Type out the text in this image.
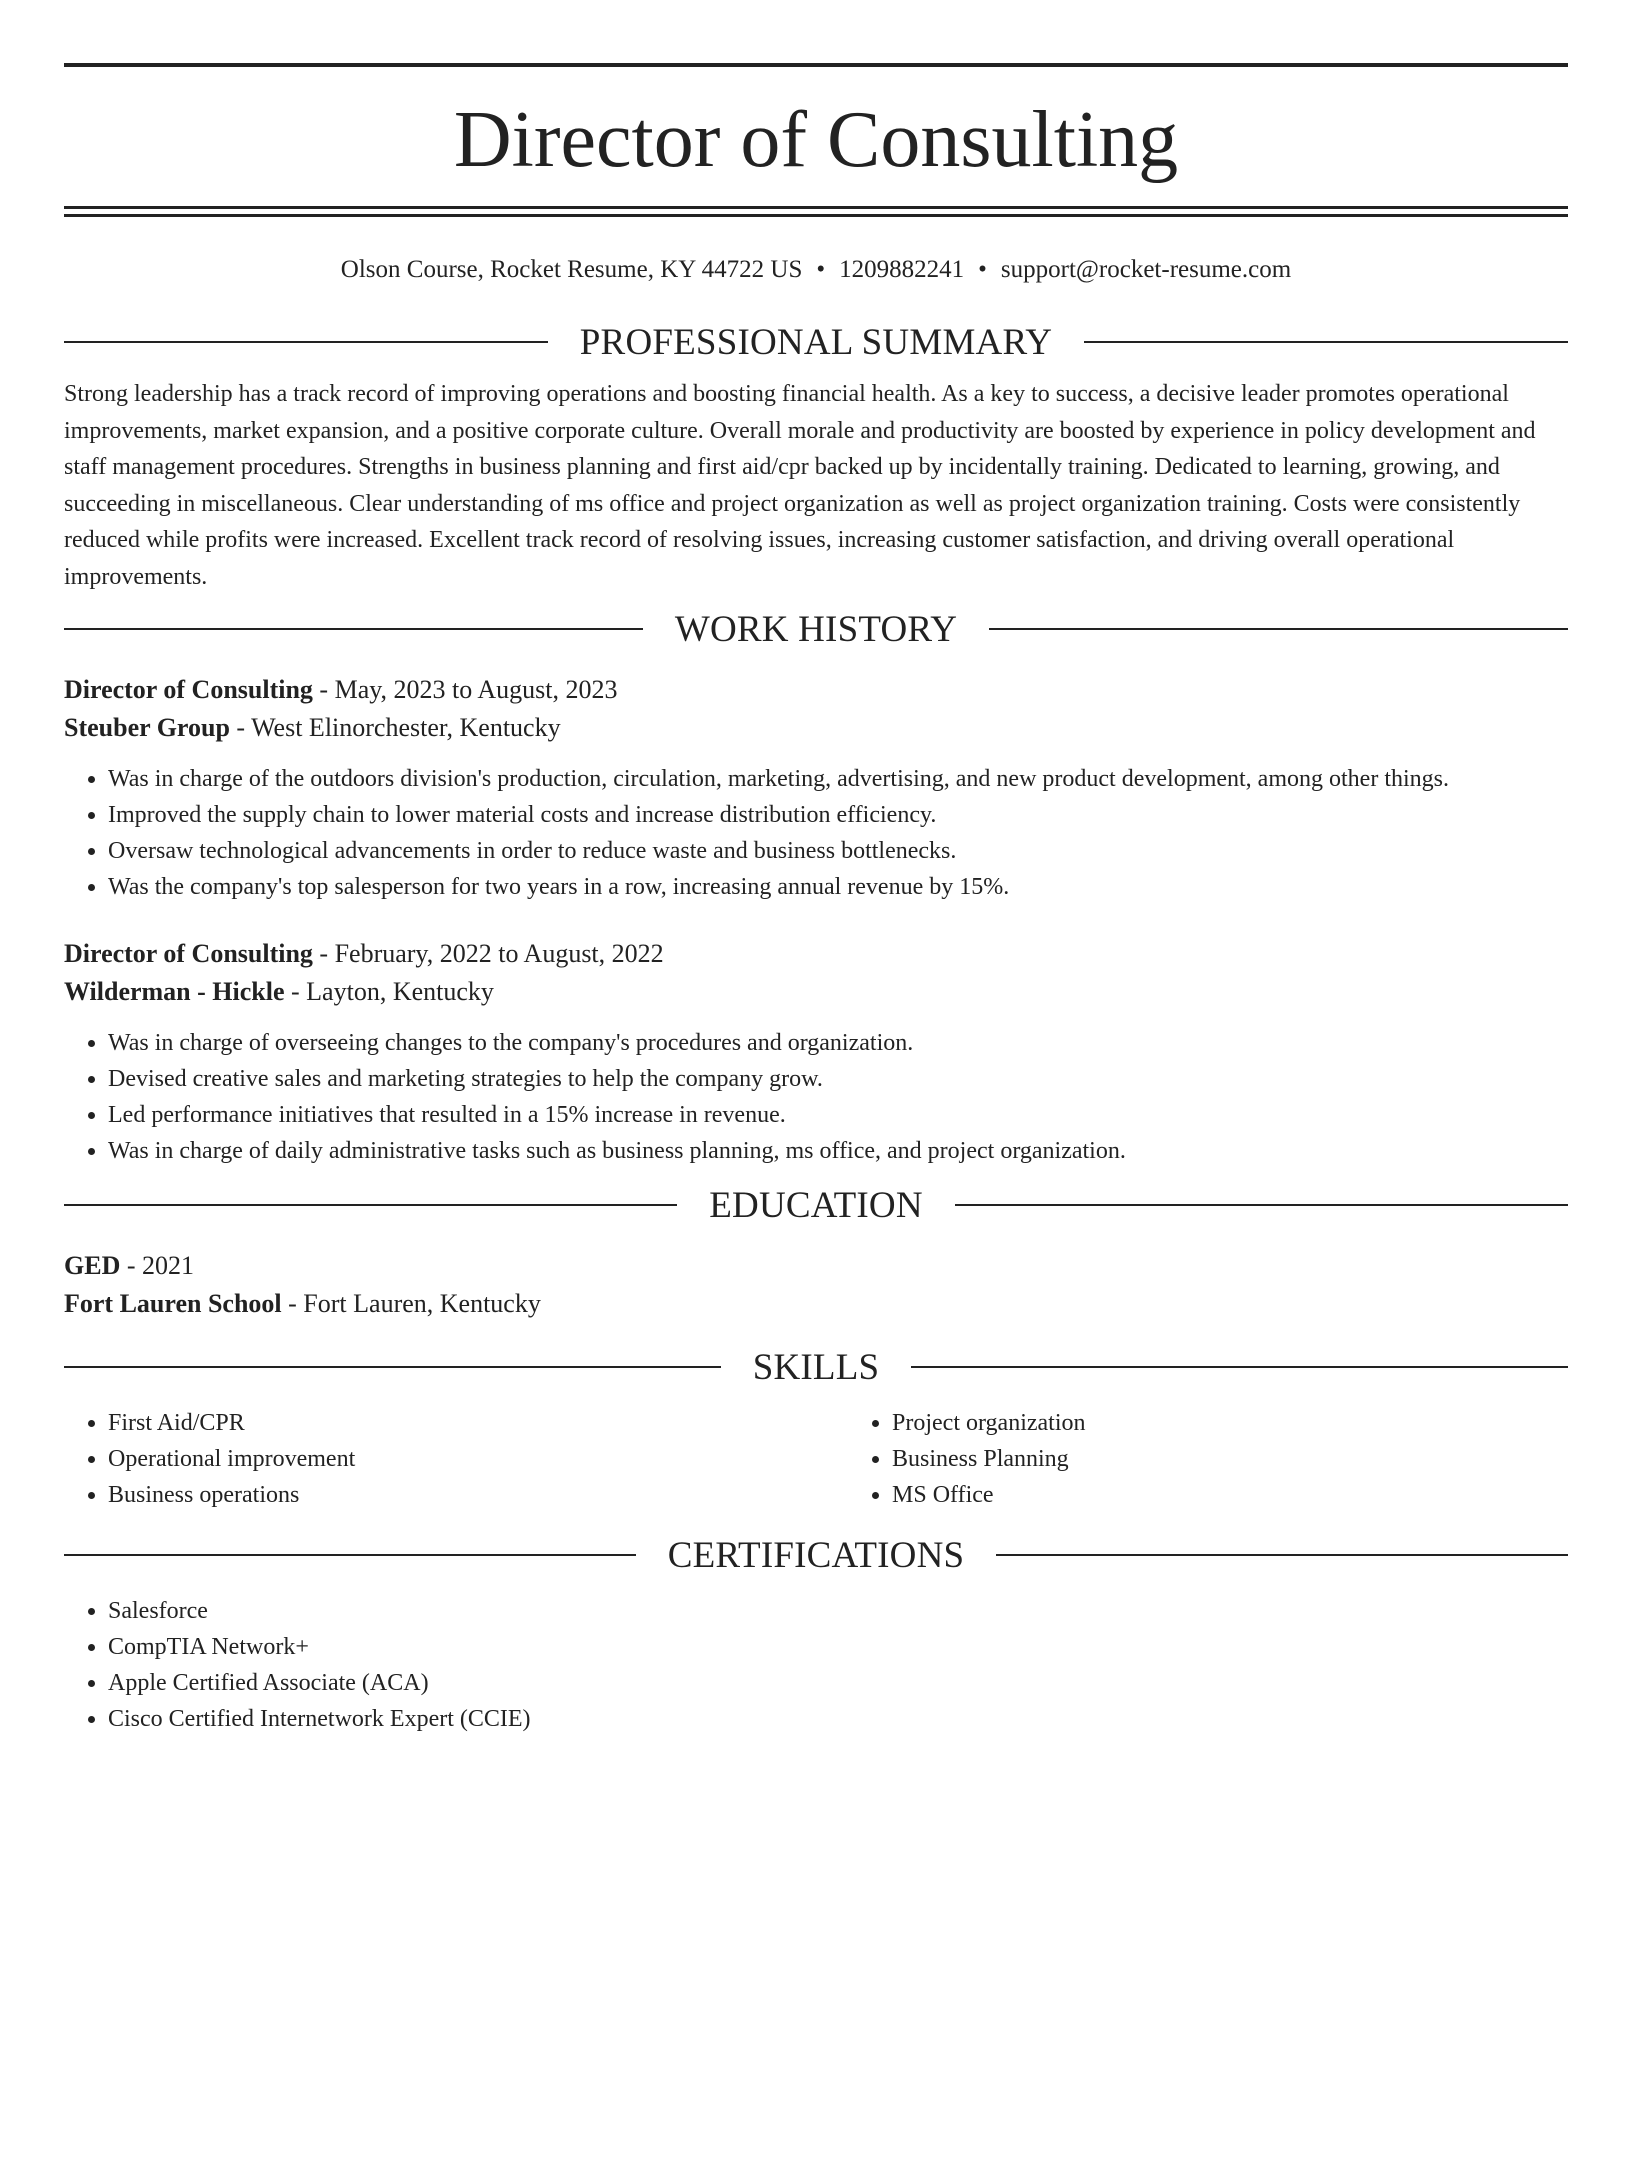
Director of Consulting
Olson Course, Rocket Resume, KY 44722 US • 1209882241 • support@rocket-resume.com
PROFESSIONAL SUMMARY

Strong leadership has a track record of improving operations and boosting financial health. As a key to success, a decisive leader promotes operational improvements, market expansion, and a positive corporate culture. Overall morale and productivity are boosted by experience in policy development and staff management procedures. Strengths in business planning and first aid/cpr backed up by incidentally training. Dedicated to learning, growing, and succeeding in miscellaneous. Clear understanding of ms office and project organization as well as project organization training. Costs were consistently reduced while profits were increased. Excellent track record of resolving issues, increasing customer satisfaction, and driving overall operational improvements.

WORK HISTORY
Director of Consulting - May, 2023 to August, 2023
Steuber Group - West Elinorchester, Kentucky
• Was in charge of the outdoors division's production, circulation, marketing, advertising, and new product development, among other things.
• Improved the supply chain to lower material costs and increase distribution efficiency.
• Oversaw technological advancements in order to reduce waste and business bottlenecks.
• Was the company's top salesperson for two years in a row, increasing annual revenue by 15%.
Director of Consulting - February, 2022 to August, 2022
Wilderman - Hickle - Layton, Kentucky
• Was in charge of overseeing changes to the company's procedures and organization.
• Devised creative sales and marketing strategies to help the company grow.
• Led performance initiatives that resulted in a 15% increase in revenue.
• Was in charge of daily administrative tasks such as business planning, ms office, and project organization.
EDUCATION
GED - 2021
Fort Lauren School - Fort Lauren, Kentucky
SKILLS
• First Aid/CPR
• Operational improvement
• Business operations
• Project organization
• Business Planning
• MS Office
CERTIFICATIONS
• Salesforce
• CompTIA Network+
• Apple Certified Associate (ACA)
• Cisco Certified Internetwork Expert (CCIE)
